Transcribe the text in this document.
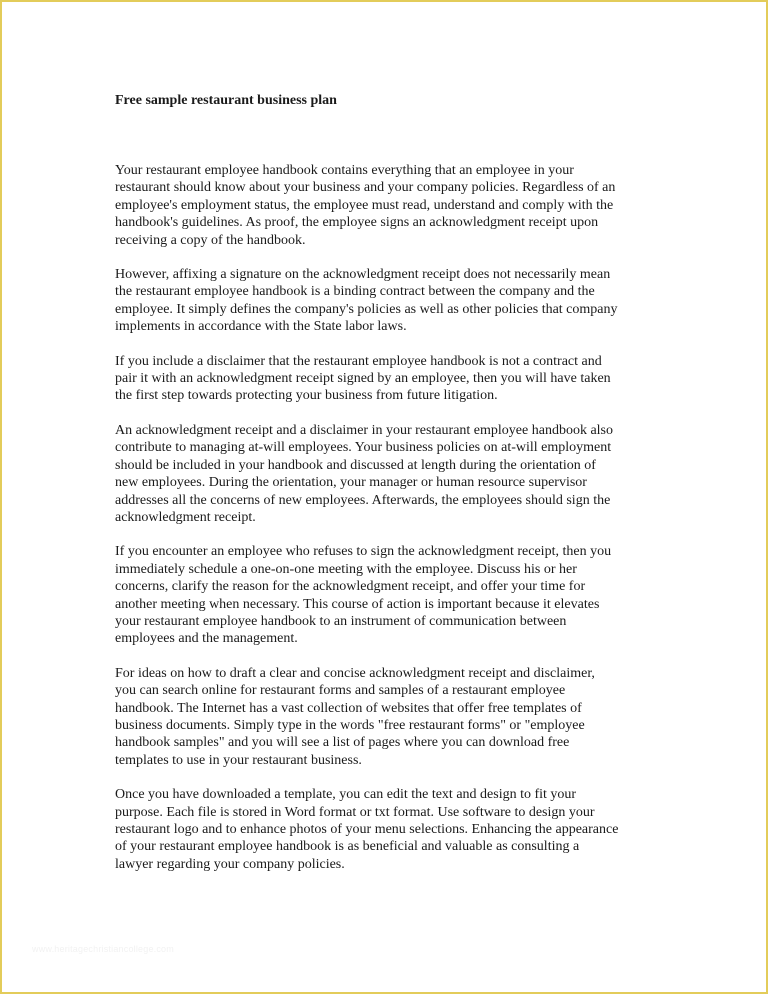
Free sample restaurant business plan

Your restaurant employee handbook contains everything that an employee in your
restaurant should know about your business and your company policies. Regardless of an
employee's employment status, the employee must read, understand and comply with the
handbook's guidelines. As proof, the employee signs an acknowledgment receipt upon
receiving a copy of the handbook.

However, affixing a signature on the acknowledgment receipt does not necessarily mean
the restaurant employee handbook is a binding contract between the company and the
employee. It simply defines the company's policies as well as other policies that company
implements in accordance with the State labor laws.

If you include a disclaimer that the restaurant employee handbook is not a contract and
pair it with an acknowledgment receipt signed by an employee, then you will have taken
the first step towards protecting your business from future litigation.

An acknowledgment receipt and a disclaimer in your restaurant employee handbook also
contribute to managing at-will employees. Your business policies on at-will employment
should be included in your handbook and discussed at length during the orientation of
new employees. During the orientation, your manager or human resource supervisor
addresses all the concerns of new employees. Afterwards, the employees should sign the
acknowledgment receipt.

If you encounter an employee who refuses to sign the acknowledgment receipt, then you
immediately schedule a one-on-one meeting with the employee. Discuss his or her
concerns, clarify the reason for the acknowledgment receipt, and offer your time for
another meeting when necessary. This course of action is important because it elevates
your restaurant employee handbook to an instrument of communication between
employees and the management.

For ideas on how to draft a clear and concise acknowledgment receipt and disclaimer,
you can search online for restaurant forms and samples of a restaurant employee
handbook. The Internet has a vast collection of websites that offer free templates of
business documents. Simply type in the words "free restaurant forms" or "employee
handbook samples" and you will see a list of pages where you can download free
templates to use in your restaurant business.

Once you have downloaded a template, you can edit the text and design to fit your
purpose. Each file is stored in Word format or txt format. Use software to design your
restaurant logo and to enhance photos of your menu selections. Enhancing the appearance
of your restaurant employee handbook is as beneficial and valuable as consulting a
lawyer regarding your company policies.

www.heritagechristiancollege.com
